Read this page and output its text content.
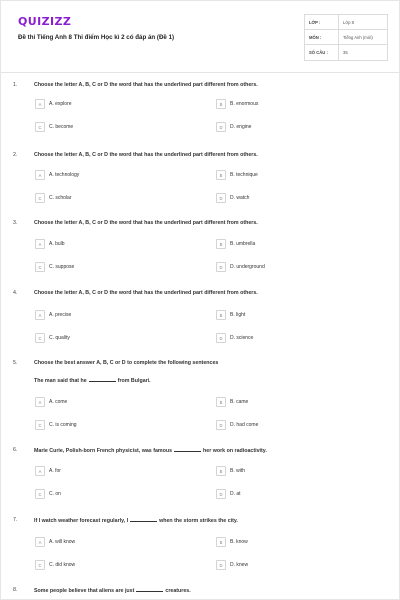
QUIZIZZ
Đề thi Tiếng Anh 8 Thi điểm Học kì 2 có đáp án (Đề 1)
LỚP :	Lớp 8
MÔN :	Tiếng Anh (mới)
SỐ CÂU :	35
1.	Choose the letter A, B, C or D the word that has the underlined part different from others.
A	A. explore	B	B. enormous
C	C. become	D	D. engine
2.	Choose the letter A, B, C or D the word that has the underlined part different from others.
A	A. technology	B	B. technique
C	C. scholar	D	D. watch
3.	Choose the letter A, B, C or D the word that has the underlined part different from others.
A	A. bulb	B	B. umbrella
C	C. suppose	D	D. underground
4.	Choose the letter A, B, C or D the word that has the underlined part different from others.
A	A. precise	B	B. light
C	C. quality	D	D. science
5.	Choose the best answer A, B, C or D to complete the following sentences
The man said that he	from Bulgari.
A	A. come	B	B. came
C	C. is coming	D	D. had come
6.	Marie Curie, Polish-born French physicist, was famous	her work on radioactivity.
A	A. for	B	B. with
C	C. on	D	D. at
7.	If I watch weather forecast regularly, I	when the storm strikes the city.
A	A. will know	B	B. know
C	C. did know	D	D. knew
8.	Some people believe that aliens are just	creatures.
